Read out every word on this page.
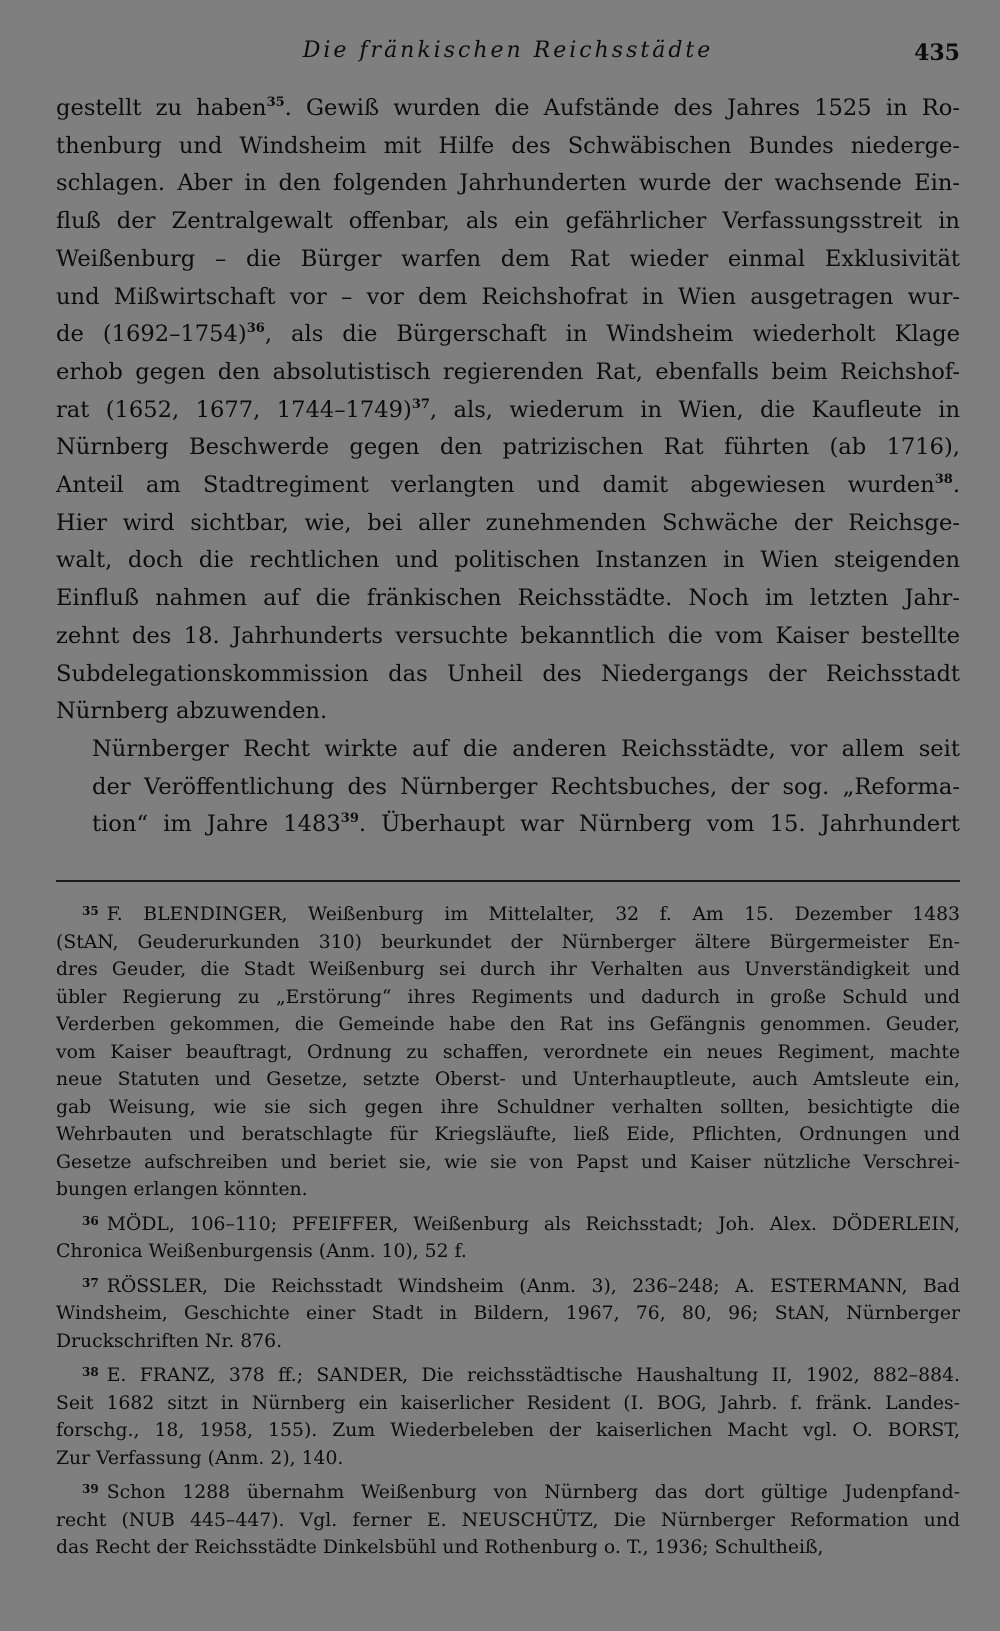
Die fränkischen Reichsstädte	435

gestellt zu haben$^{35}$. Gewiß wurden die Aufstände des Jahres 1525 in Ro-
thenburg und Windsheim mit Hilfe des Schwäbischen Bundes niederge-
schlagen. Aber in den folgenden Jahrhunderten wurde der wachsende Ein-
fluß der Zentralgewalt offenbar, als ein gefährlicher Verfassungsstreit in
Weißenburg – die Bürger warfen dem Rat wieder einmal Exklusivität
und Mißwirtschaft vor – vor dem Reichshofrat in Wien ausgetragen wur-
de (1692–1754)$^{36}$, als die Bürgerschaft in Windsheim wiederholt Klage
erhob gegen den absolutistisch regierenden Rat, ebenfalls beim Reichshof-
rat (1652, 1677, 1744–1749)$^{37}$, als, wiederum in Wien, die Kaufleute in
Nürnberg Beschwerde gegen den patrizischen Rat führten (ab 1716),
Anteil am Stadtregiment verlangten und damit abgewiesen wurden$^{38}$.
Hier wird sichtbar, wie, bei aller zunehmenden Schwäche der Reichsge-
walt, doch die rechtlichen und politischen Instanzen in Wien steigenden
Einfluß nahmen auf die fränkischen Reichsstädte. Noch im letzten Jahr-
zehnt des 18. Jahrhunderts versuchte bekanntlich die vom Kaiser bestellte
Subdelegationskommission das Unheil des Niedergangs der Reichsstadt
Nürnberg abzuwenden.

Nürnberger Recht wirkte auf die anderen Reichsstädte, vor allem seit
der Veröffentlichung des Nürnberger Rechtsbuches, der sog. „Reforma-
tion“ im Jahre 1483$^{39}$. Überhaupt war Nürnberg vom 15. Jahrhundert

$^{35}$ F. BLENDINGER, Weißenburg im Mittelalter, 32 f. Am 15. Dezember 1483
(StAN, Geuderurkunden 310) beurkundet der Nürnberger ältere Bürgermeister En-
dres Geuder, die Stadt Weißenburg sei durch ihr Verhalten aus Unverständigkeit und
übler Regierung zu „Erstörung“ ihres Regiments und dadurch in große Schuld und
Verderben gekommen, die Gemeinde habe den Rat ins Gefängnis genommen. Geuder,
vom Kaiser beauftragt, Ordnung zu schaffen, verordnete ein neues Regiment, machte
neue Statuten und Gesetze, setzte Oberst- und Unterhauptleute, auch Amtsleute ein,
gab Weisung, wie sie sich gegen ihre Schuldner verhalten sollten, besichtigte die
Wehrbauten und beratschlagte für Kriegsläufte, ließ Eide, Pflichten, Ordnungen und
Gesetze aufschreiben und beriet sie, wie sie von Papst und Kaiser nützliche Verschrei-
bungen erlangen könnten.
$^{36}$ MÖDL, 106–110; PFEIFFER, Weißenburg als Reichsstadt; Joh. Alex. DÖDERLEIN,
Chronica Weißenburgensis (Anm. 10), 52 f.
$^{37}$ RÖSSLER, Die Reichsstadt Windsheim (Anm. 3), 236–248; A. ESTERMANN, Bad
Windsheim, Geschichte einer Stadt in Bildern, 1967, 76, 80, 96; StAN, Nürnberger
Druckschriften Nr. 876.
$^{38}$ E. FRANZ, 378 ff.; SANDER, Die reichsstädtische Haushaltung II, 1902, 882–884.
Seit 1682 sitzt in Nürnberg ein kaiserlicher Resident (I. BOG, Jahrb. f. fränk. Landes-
forschg., 18, 1958, 155). Zum Wiederbeleben der kaiserlichen Macht vgl. O. BORST,
Zur Verfassung (Anm. 2), 140.
$^{39}$ Schon 1288 übernahm Weißenburg von Nürnberg das dort gültige Judenpfand-
recht (NUB 445–447). Vgl. ferner E. NEUSCHÜTZ, Die Nürnberger Reformation und
das Recht der Reichsstädte Dinkelsbühl und Rothenburg o. T., 1936; Schultheiß,
